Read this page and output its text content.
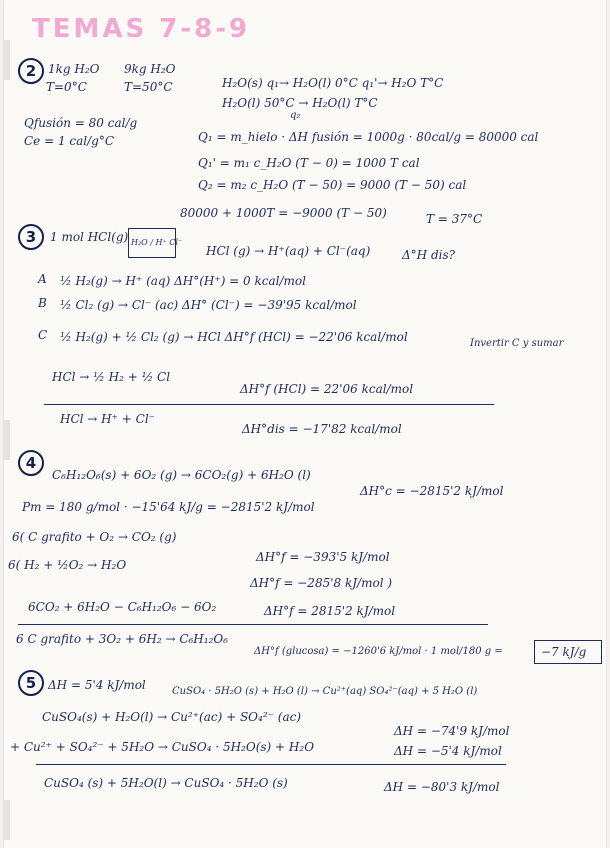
TEMAS 7-8-9
2 1kg H₂O
T=0°C
9kg H₂O
T=50°C	H₂O(s) q₁→ H₂O(l) 0°C q₁'→ H₂O T°C
H₂O(l) 50°C → H₂O(l) T°C
q₂
Qfusión = 80 cal/g
Ce = 1 cal/g°C	Q₁ = m_hielo · ΔH fusión = 1000g · 80cal/g = 80000 cal
Q₁' = m₁ c_H₂O (T − 0) = 1000 T cal
Q₂ = m₂ c_H₂O (T − 50) = 9000 (T − 50) cal
80000 + 1000T = −9000 (T − 50)	T = 37°C
3	1 mol HCl(g) H₂O / H⁺ Cl⁻
HCl (g) → H⁺(aq) + Cl⁻(aq)	Δ°H dis?
A ½ H₂(g) → H⁺ (aq) ΔH°(H⁺) = 0 kcal/mol
B ½ Cl₂ (g) → Cl⁻ (ac) ΔH° (Cl⁻) = −39'95 kcal/mol
C ½ H₂(g) + ½ Cl₂ (g) → HCl ΔH°f (HCl) = −22'06 kcal/mol	Invertir C y sumar
HCl → ½ H₂ + ½ Cl
ΔH°f (HCl) = 22'06 kcal/mol
HCl → H⁺ + Cl⁻
ΔH°dis = −17'82 kcal/mol
4
C₆H₁₂O₆(s) + 6O₂ (g) → 6CO₂(g) + 6H₂O (l)
ΔH°c = −2815'2 kJ/mol
Pm = 180 g/mol · −15'64 kJ/g = −2815'2 kJ/mol
6( C grafito + O₂ → CO₂ (g)
ΔH°f = −393'5 kJ/mol
6( H₂ + ½O₂ → H₂O
ΔH°f = −285'8 kJ/mol )
6CO₂ + 6H₂O − C₆H₁₂O₆ − 6O₂	ΔH°f = 2815'2 kJ/mol
6 C grafito + 3O₂ + 6H₂ → C₆H₁₂O₆
ΔH°f (glucosa) = −1260'6 kJ/mol · 1 mol/180 g =	−7 kJ/g
5 ΔH = 5'4 kJ/mol	CuSO₄ · 5H₂O (s) + H₂O (l) → Cu²⁺(aq) SO₄²⁻(aq) + 5 H₂O (l)
CuSO₄(s) + H₂O(l) → Cu²⁺(ac) + SO₄²⁻ (ac)
ΔH = −74'9 kJ/mol
+ Cu²⁺ + SO₄²⁻ + 5H₂O → CuSO₄ · 5H₂O(s) + H₂O	ΔH = −5'4 kJ/mol
CuSO₄ (s) + 5H₂O(l) → CuSO₄ · 5H₂O (s)	ΔH = −80'3 kJ/mol
